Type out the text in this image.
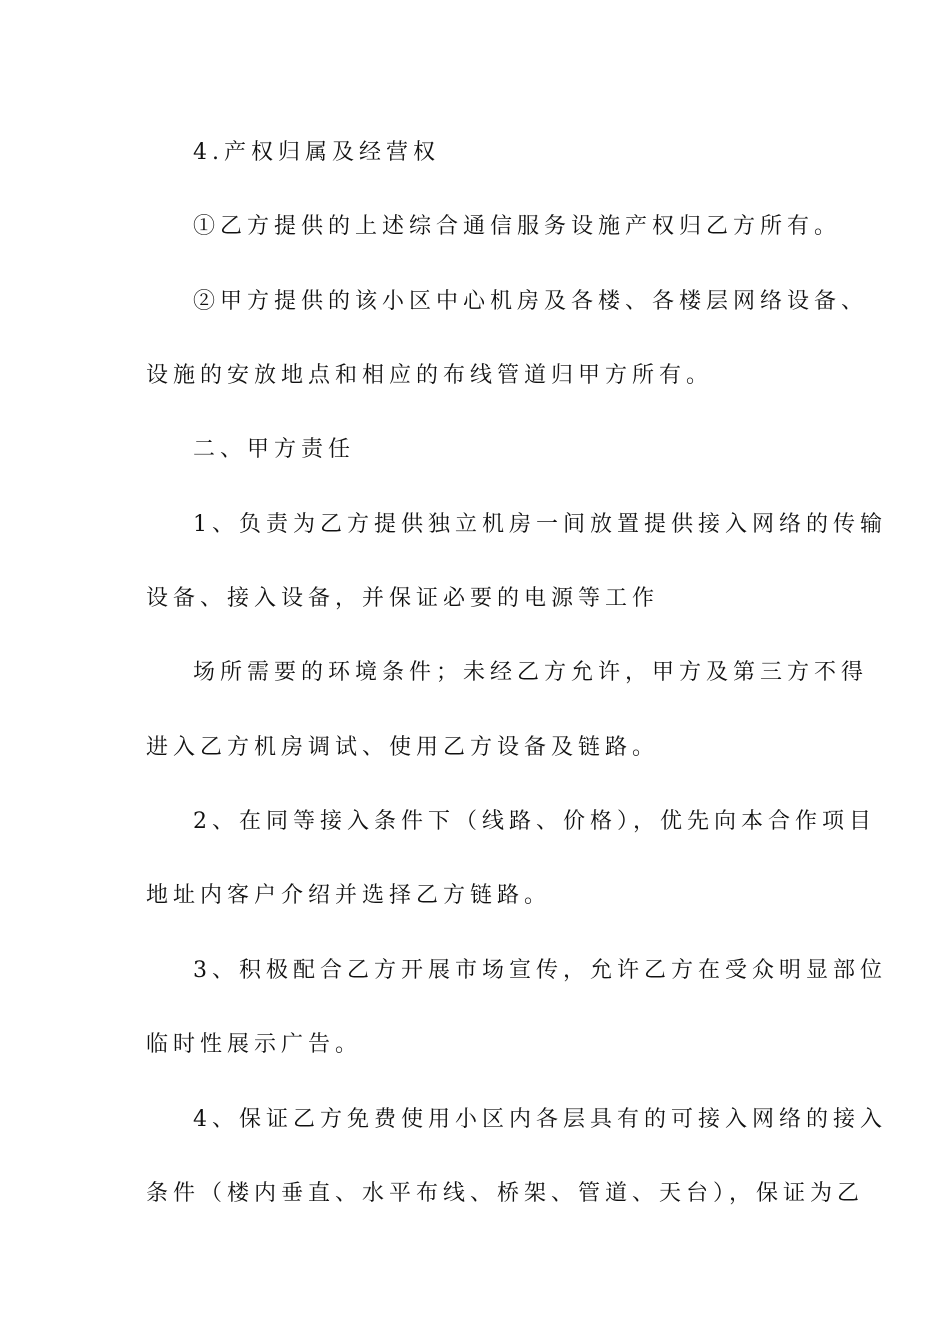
4.产权归属及经营权
①乙方提供的上述综合通信服务设施产权归乙方所有。
②甲方提供的该小区中心机房及各楼、各楼层网络设备、
设施的安放地点和相应的布线管道归甲方所有。
二、甲方责任
1、负责为乙方提供独立机房一间放置提供接入网络的传输
设备、接入设备，并保证必要的电源等工作
场所需要的环境条件；未经乙方允许，甲方及第三方不得
进入乙方机房调试、使用乙方设备及链路。
2、在同等接入条件下（线路、价格），优先向本合作项目
地址内客户介绍并选择乙方链路。
3、积极配合乙方开展市场宣传，允许乙方在受众明显部位
临时性展示广告。
4、保证乙方免费使用小区内各层具有的可接入网络的接入
条件（楼内垂直、水平布线、桥架、管道、天台），保证为乙
